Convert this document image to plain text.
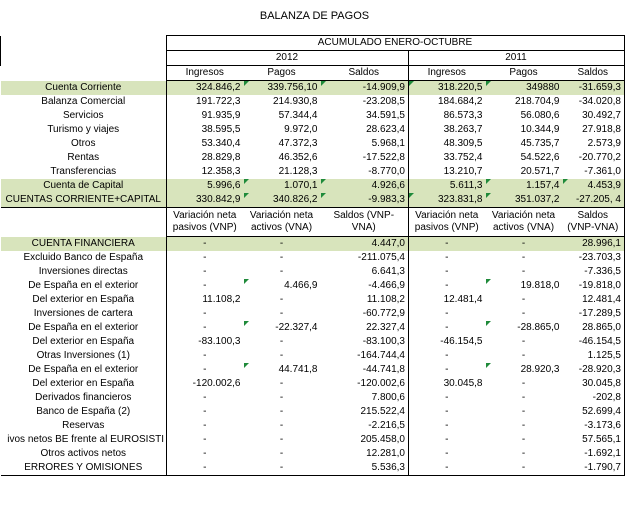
BALANZA DE PAGOS
	ACUMULADO ENERO-OCTUBRE					
	2012			2011		
	Ingresos	Pagos	Saldos	Ingresos	Pagos	Saldos
Cuenta Corriente	324.846,2	339.756,10	-14.909,9	318.220,5	349880	-31.659,3
Balanza Comercial	191.722,3	214.930,8	-23.208,5	184.684,2	218.704,9	-34.020,8
Servicios	91.935,9	57.344,4	34.591,5	86.573,3	56.080,6	30.492,7
Turismo y viajes	38.595,5	9.972,0	28.623,4	38.263,7	10.344,9	27.918,8
Otros	53.340,4	47.372,3	5.968,1	48.309,5	45.735,7	2.573,9
Rentas	28.829,8	46.352,6	-17.522,8	33.752,4	54.522,6	-20.770,2
Transferencias	12.358,3	21.128,3	-8.770,0	13.210,7	20.571,7	-7.361,0
Cuenta de Capital	5.996,6	1.070,1	4.926,6	5.611,3	1.157,4	4.453,9
CUENTAS CORRIENTE+CAPITAL	330.842,9	340.826,2	-9.983,3	323.831,8	351.037,2	-27.205, 4
	Variación neta pasivos (VNP)	Variación neta activos (VNA)	Saldos (VNP-VNA)	Variación neta pasivos (VNP)	Variación neta activos (VNA)	Saldos (VNP-VNA)
CUENTA FINANCIERA	-	-	4.447,0	-	-	28.996,1
Excluido Banco de España	-	-	-211.075,4	-	-	-23.703,3
Inversiones directas	-	-	6.641,3	-	-	-7.336,5
De España en el exterior	-	4.466,9	-4.466,9	-	19.818,0	-19.818,0
Del exterior en España	11.108,2	-	11.108,2	12.481,4	-	12.481,4
Inversiones de cartera	-	-	-60.772,9	-	-	-17.289,5
De España en el exterior	-	-22.327,4	22.327,4	-	-28.865,0	28.865,0
Del exterior en España	-83.100,3	-	-83.100,3	-46.154,5	-	-46.154,5
Otras Inversiones (1)	-	-	-164.744,4	-	-	1.125,5
De España en el exterior	-	44.741,8	-44.741,8	-	28.920,3	-28.920,3
Del exterior en España	-120.002,6	-	-120.002,6	30.045,8	-	30.045,8
Derivados financieros	-	-	7.800,6	-	-	-202,8
Banco de España (2)	-	-	215.522,4	-	-	52.699,4
Reservas	-	-	-2.216,5	-	-	-3.173,6
ivos netos BE frente al EUROSISTI	-	-	205.458,0	-	-	57.565,1
Otros activos netos	-	-	12.281,0	-	-	-1.692,1
ERRORES Y OMISIONES	-	-	5.536,3	-	-	-1.790,7
